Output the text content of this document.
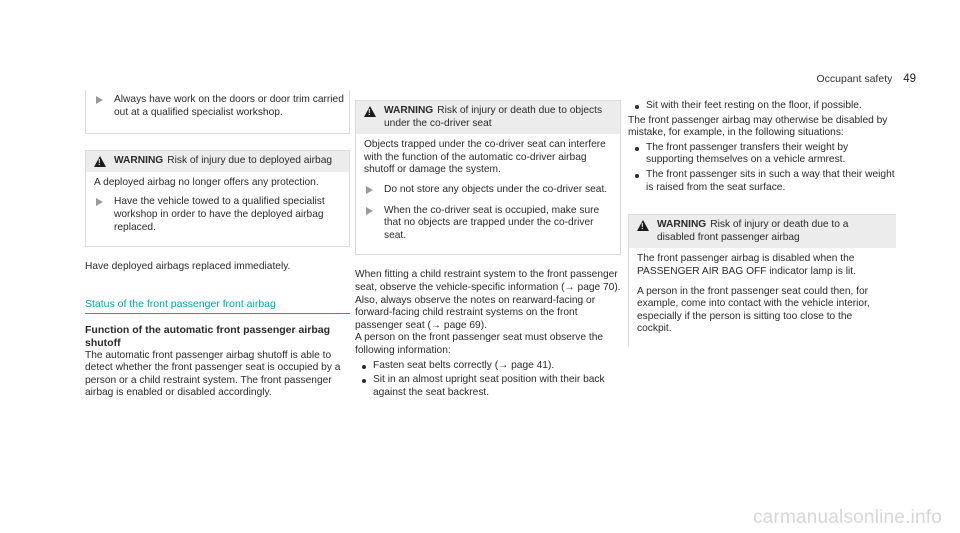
Occupant safety 49
Always have work on the doors or door trim carried out at a qualified specialist workshop.
!
WARNING Risk of injury due to deployed airbag

A deployed airbag no longer offers any protection.

Have the vehicle towed to a qualified specialist workshop in order to have the deployed airbag replaced.

Have deployed airbags replaced immediately.

Status of the front passenger front airbag
Function of the automatic front passenger airbag shutoff

The automatic front passenger airbag shutoff is able to detect whether the front passenger seat is occupied by a person or a child restraint system. The front passenger airbag is enabled or disabled accordingly.

!
WARNING Risk of injury or death due to objects under the co-driver seat

Objects trapped under the co-driver seat can interfere with the function of the automatic co-driver airbag shutoff or damage the system.

Do not store any objects under the co-driver seat.
When the co-driver seat is occupied, make sure that no objects are trapped under the co-driver seat.

When fitting a child restraint system to the front passenger seat, observe the vehicle-specific information (→ page 70). Also, always observe the notes on rearward-facing or forward-facing child restraint systems on the front passenger seat (→ page 69).

A person on the front passenger seat must observe the following information:

Fasten seat belts correctly (→ page 41).
Sit in an almost upright seat position with their back against the seat backrest.
Sit with their feet resting on the floor, if possible.

The front passenger airbag may otherwise be disabled by mistake, for example, in the following situations:

The front passenger transfers their weight by supporting themselves on a vehicle armrest.
The front passenger sits in such a way that their weight is raised from the seat surface.
!
WARNING Risk of injury or death due to a disabled front passenger airbag

The front passenger airbag is disabled when the PASSENGER AIR BAG OFF indicator lamp is lit.

A person in the front passenger seat could then, for example, come into contact with the vehicle interior, especially if the person is sitting too close to the cockpit.

carmanualsonline.info
